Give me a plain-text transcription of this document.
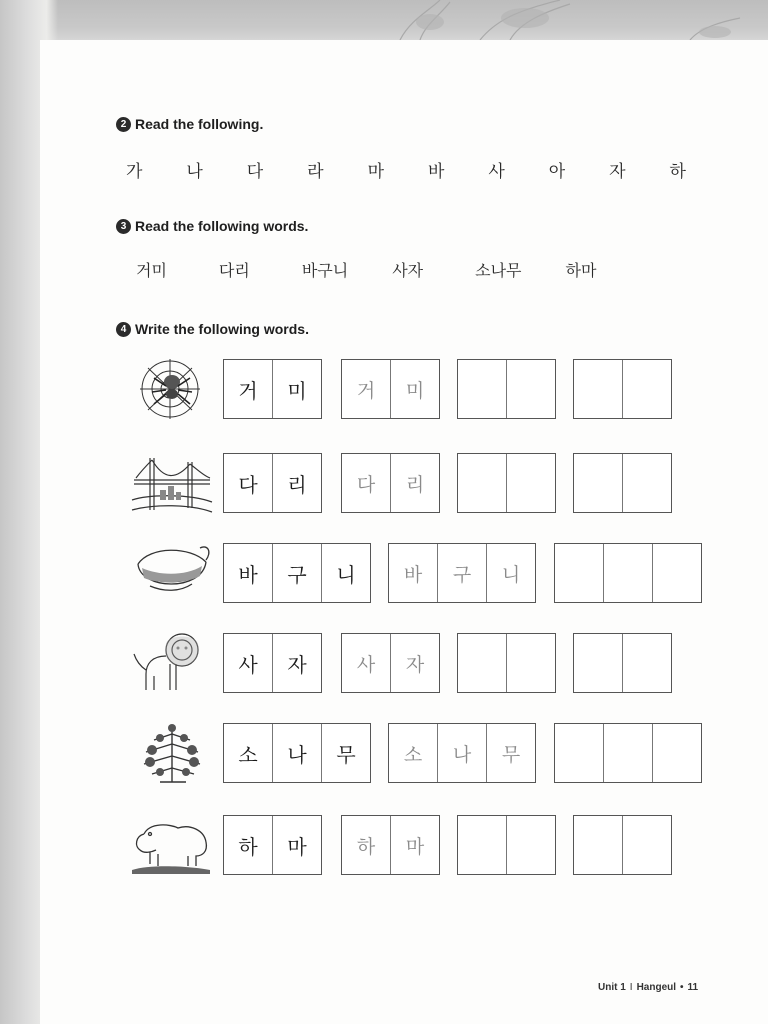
2 Read the following.
가	나	다	라	마	바	사	아	자	하
3 Read the following words.
거미	다리	바구니	사자	소나무	하마
4 Write the following words.
거	미	거	미
다	리	다	리
바	구	니	바	구	니
사	자	사	자
소	나	무	소	나	무
하	마	하	마
Unit 1 I Hangeul • 11
